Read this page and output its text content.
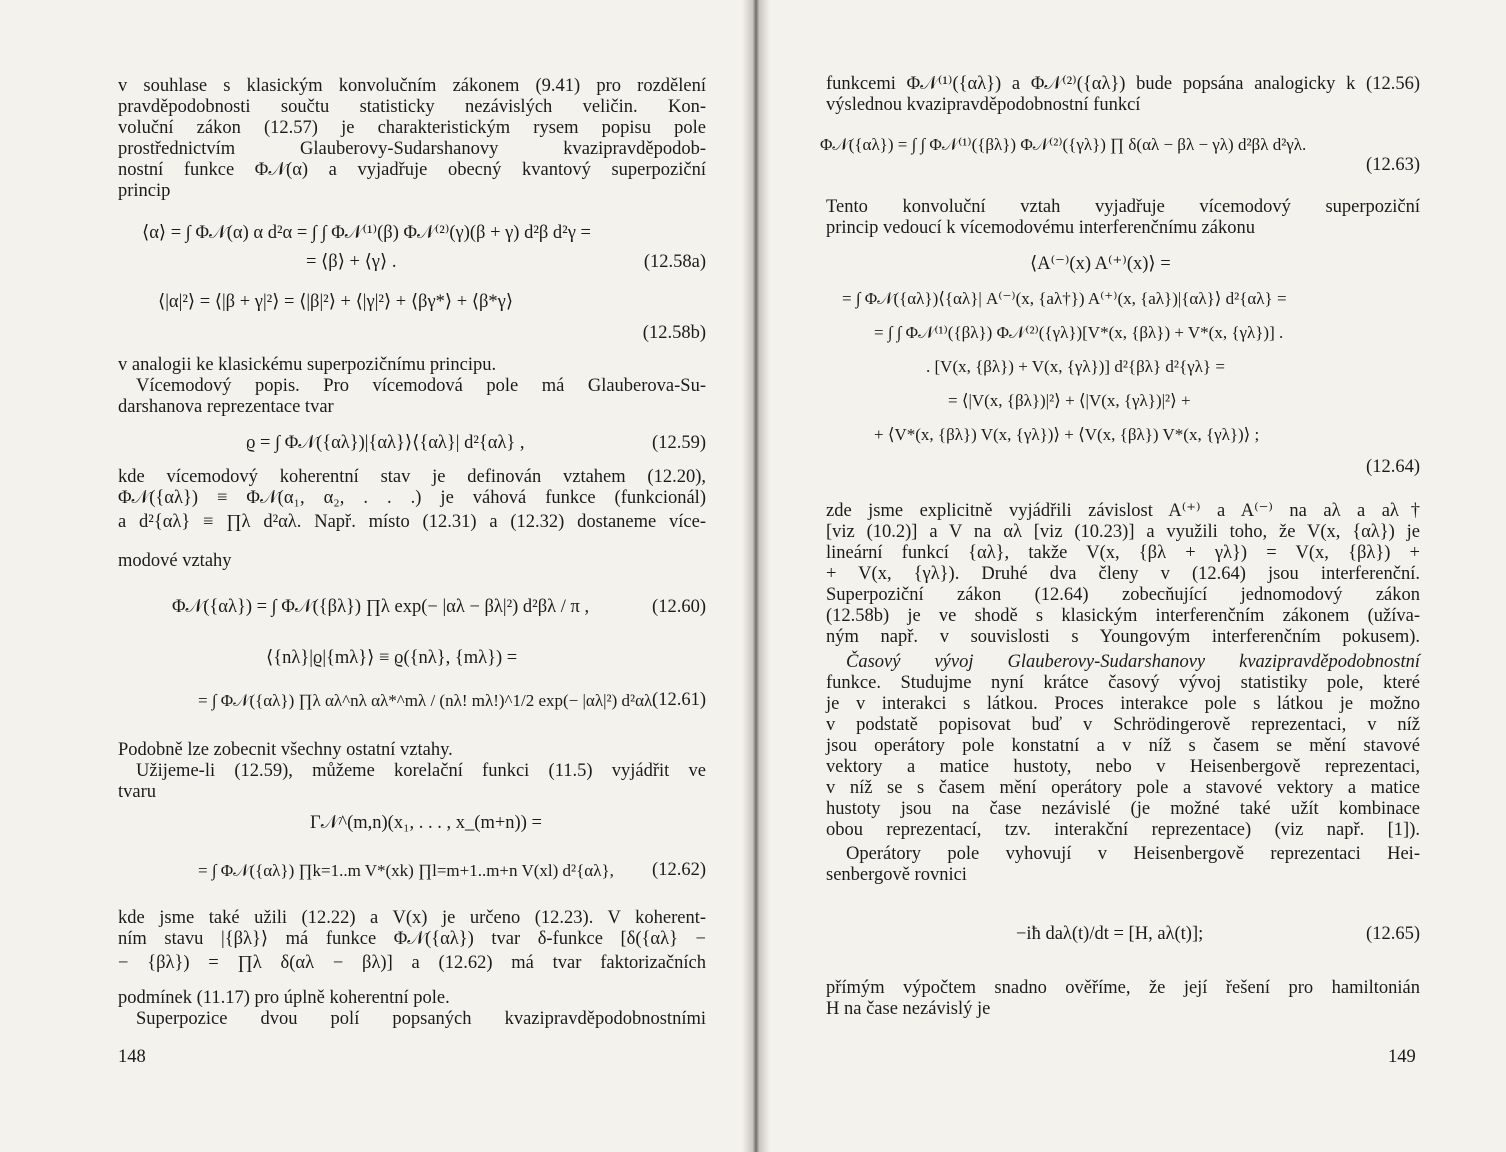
v souhlase s klasickým konvolučním zákonem (9.41) pro rozdělení
pravděpodobnosti součtu statisticky nezávislých veličin. Kon-
voluční zákon (12.57) je charakteristickým rysem popisu pole
prostřednictvím Glauberovy-Sudarshanovy kvazipravděpodob-
nostní funkce Φ𝒩(α) a vyjadřuje obecný kvantový superpoziční
princip
⟨α⟩ = ∫ Φ𝒩(α) α d²α = ∫ ∫ Φ𝒩⁽¹⁾(β) Φ𝒩⁽²⁾(γ)(β + γ) d²β d²γ =
= ⟨β⟩ + ⟨γ⟩ .	(12.58a)
⟨|α|²⟩ = ⟨|β + γ|²⟩ = ⟨|β|²⟩ + ⟨|γ|²⟩ + ⟨βγ*⟩ + ⟨β*γ⟩
(12.58b)
v analogii ke klasickému superpozičnímu principu.
Vícemodový popis. Pro vícemodová pole má Glauberova-Su-
darshanova reprezentace tvar
ϱ = ∫ Φ𝒩({αλ})|{αλ}⟩⟨{αλ}| d²{αλ} ,	(12.59)
kde vícemodový koherentní stav je definován vztahem (12.20),
Φ𝒩({αλ}) ≡ Φ𝒩(α₁, α₂, . . .) je váhová funkce (funkcionál)
a d²{αλ} ≡ ∏λ d²αλ. Např. místo (12.31) a (12.32) dostaneme více-
modové vztahy
Φ𝒩({αλ}) = ∫ Φ𝒩({βλ}) ∏λ exp(− |αλ − βλ|²) d²βλ / π ,	(12.60)
⟨{nλ}|ϱ|{mλ}⟩ ≡ ϱ({nλ}, {mλ}) =
= ∫ Φ𝒩({αλ}) ∏λ αλ^nλ αλ*^mλ / (nλ! mλ!)^1/2 exp(− |αλ|²) d²αλ.
(12.61)
Podobně lze zobecnit všechny ostatní vztahy.
Užijeme-li (12.59), můžeme korelační funkci (11.5) vyjádřit ve
tvaru
Γ𝒩^(m,n)(x₁, . . . , x_(m+n)) =
= ∫ Φ𝒩({αλ}) ∏k=1..m V*(xk) ∏l=m+1..m+n V(xl) d²{αλ}, (12.62)
kde jsme také užili (12.22) a V(x) je určeno (12.23). V koherent-
ním stavu |{βλ}⟩ má funkce Φ𝒩({αλ}) tvar δ-funkce [δ({αλ} −
− {βλ}) = ∏λ δ(αλ − βλ)] a (12.62) má tvar faktorizačních
podmínek (11.17) pro úplně koherentní pole.
Superpozice dvou polí popsaných kvazipravděpodobnostními
148
funkcemi Φ𝒩⁽¹⁾({αλ}) a Φ𝒩⁽²⁾({αλ}) bude popsána analogicky k (12.56)
výslednou kvazipravděpodobnostní funkcí
Φ𝒩({αλ}) = ∫ ∫ Φ𝒩⁽¹⁾({βλ}) Φ𝒩⁽²⁾({γλ}) ∏ δ(αλ − βλ − γλ) d²βλ d²γλ.
(12.63)
Tento konvoluční vztah vyjadřuje vícemodový superpoziční
princip vedoucí k vícemodovému interferenčnímu zákonu
⟨A⁽⁻⁾(x) A⁽⁺⁾(x)⟩ =
= ∫ Φ𝒩({αλ})⟨{αλ}| A⁽⁻⁾(x, {aλ†}) A⁽⁺⁾(x, {aλ})|{αλ}⟩ d²{αλ} =
= ∫ ∫ Φ𝒩⁽¹⁾({βλ}) Φ𝒩⁽²⁾({γλ})[V*(x, {βλ}) + V*(x, {γλ})] .
. [V(x, {βλ}) + V(x, {γλ})] d²{βλ} d²{γλ} =
= ⟨|V(x, {βλ})|²⟩ + ⟨|V(x, {γλ})|²⟩ +
+ ⟨V*(x, {βλ}) V(x, {γλ})⟩ + ⟨V(x, {βλ}) V*(x, {γλ})⟩ ;
(12.64)
zde jsme explicitně vyjádřili závislost A⁽⁺⁾ a A⁽⁻⁾ na aλ a aλ†
[viz (10.2)] a V na αλ [viz (10.23)] a využili toho, že V(x, {αλ}) je
lineární funkcí {αλ}, takže V(x, {βλ + γλ}) = V(x, {βλ}) +
+ V(x, {γλ}). Druhé dva členy v (12.64) jsou interferenční.
Superpoziční zákon (12.64) zobecňující jednomodový zákon
(12.58b) je ve shodě s klasickým interferenčním zákonem (užíva-
ným např. v souvislosti s Youngovým interferenčním pokusem).
Časový vývoj Glauberovy-Sudarshanovy kvazipravděpodobnostní
funkce. Studujme nyní krátce časový vývoj statistiky pole, které
je v interakci s látkou. Proces interakce pole s látkou je možno
v podstatě popisovat buď v Schrödingerově reprezentaci, v níž
jsou operátory pole konstatní a v níž s časem se mění stavové
vektory a matice hustoty, nebo v Heisenbergově reprezentaci,
v níž se s časem mění operátory pole a stavové vektory a matice
hustoty jsou na čase nezávislé (je možné také užít kombinace
obou reprezentací, tzv. interakční reprezentace) (viz např. [1]).
Operátory pole vyhovují v Heisenbergově reprezentaci Hei-
senbergově rovnici
−iħ daλ(t)/dt = [H, aλ(t)];	(12.65)
přímým výpočtem snadno ověříme, že její řešení pro hamiltonián
H na čase nezávislý je
149
